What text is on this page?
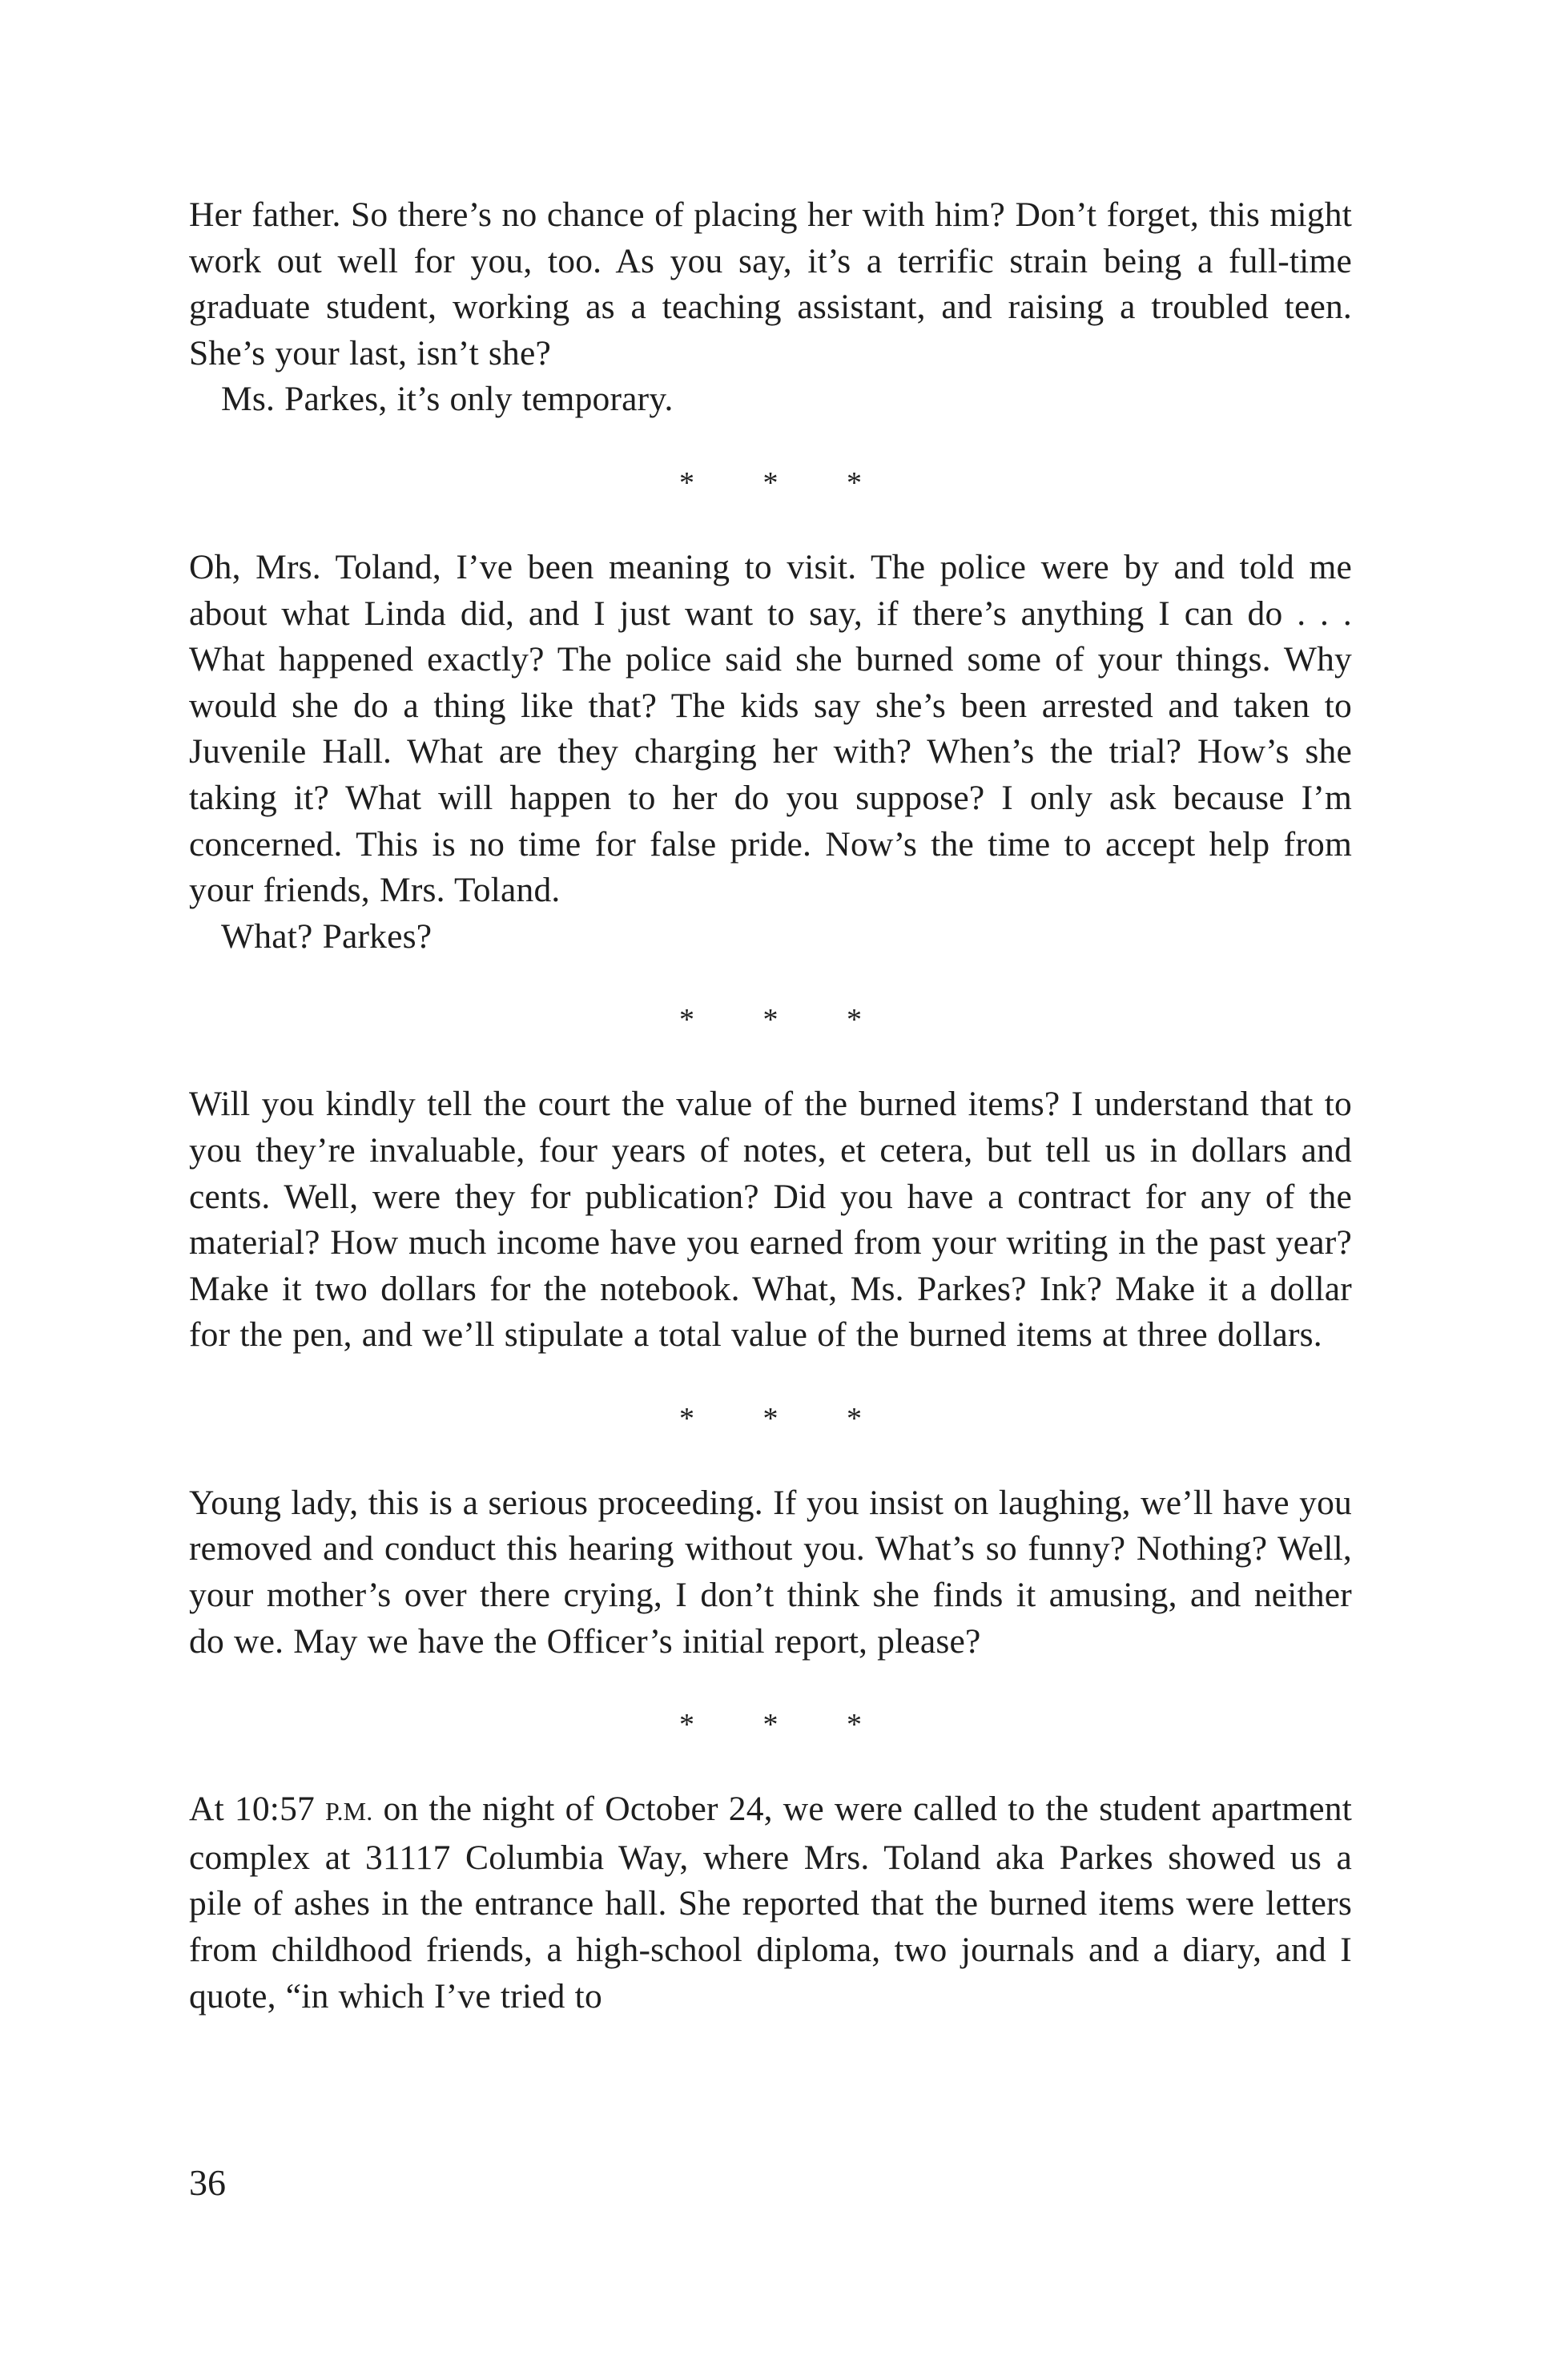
Her father. So there’s no chance of placing her with him? Don’t forget, this might work out well for you, too. As you say, it’s a terrific strain being a full-time graduate student, working as a teaching assistant, and raising a troubled teen. She’s your last, isn’t she?

Ms. Parkes, it’s only temporary.

* * *

Oh, Mrs. Toland, I’ve been meaning to visit. The police were by and told me about what Linda did, and I just want to say, if there’s anything I can do . . . What happened exactly? The police said she burned some of your things. Why would she do a thing like that? The kids say she’s been arrested and taken to Juvenile Hall. What are they charging her with? When’s the trial? How’s she taking it? What will happen to her do you suppose? I only ask because I’m concerned. This is no time for false pride. Now’s the time to accept help from your friends, Mrs. Toland.

What? Parkes?

* * *

Will you kindly tell the court the value of the burned items? I understand that to you they’re invaluable, four years of notes, et cetera, but tell us in dollars and cents. Well, were they for publication? Did you have a contract for any of the material? How much income have you earned from your writing in the past year? Make it two dollars for the notebook. What, Ms. Parkes? Ink? Make it a dollar for the pen, and we’ll stipulate a total value of the burned items at three dollars.

* * *

Young lady, this is a serious proceeding. If you insist on laughing, we’ll have you removed and conduct this hearing without you. What’s so funny? Nothing? Well, your mother’s over there crying, I don’t think she finds it amusing, and neither do we. May we have the Officer’s initial report, please?

* * *

At 10:57 P.M. on the night of October 24, we were called to the student apartment complex at 31117 Columbia Way, where Mrs. Toland aka Parkes showed us a pile of ashes in the entrance hall. She reported that the burned items were letters from childhood friends, a high-school diploma, two journals and a diary, and I quote, “in which I’ve tried to

36
